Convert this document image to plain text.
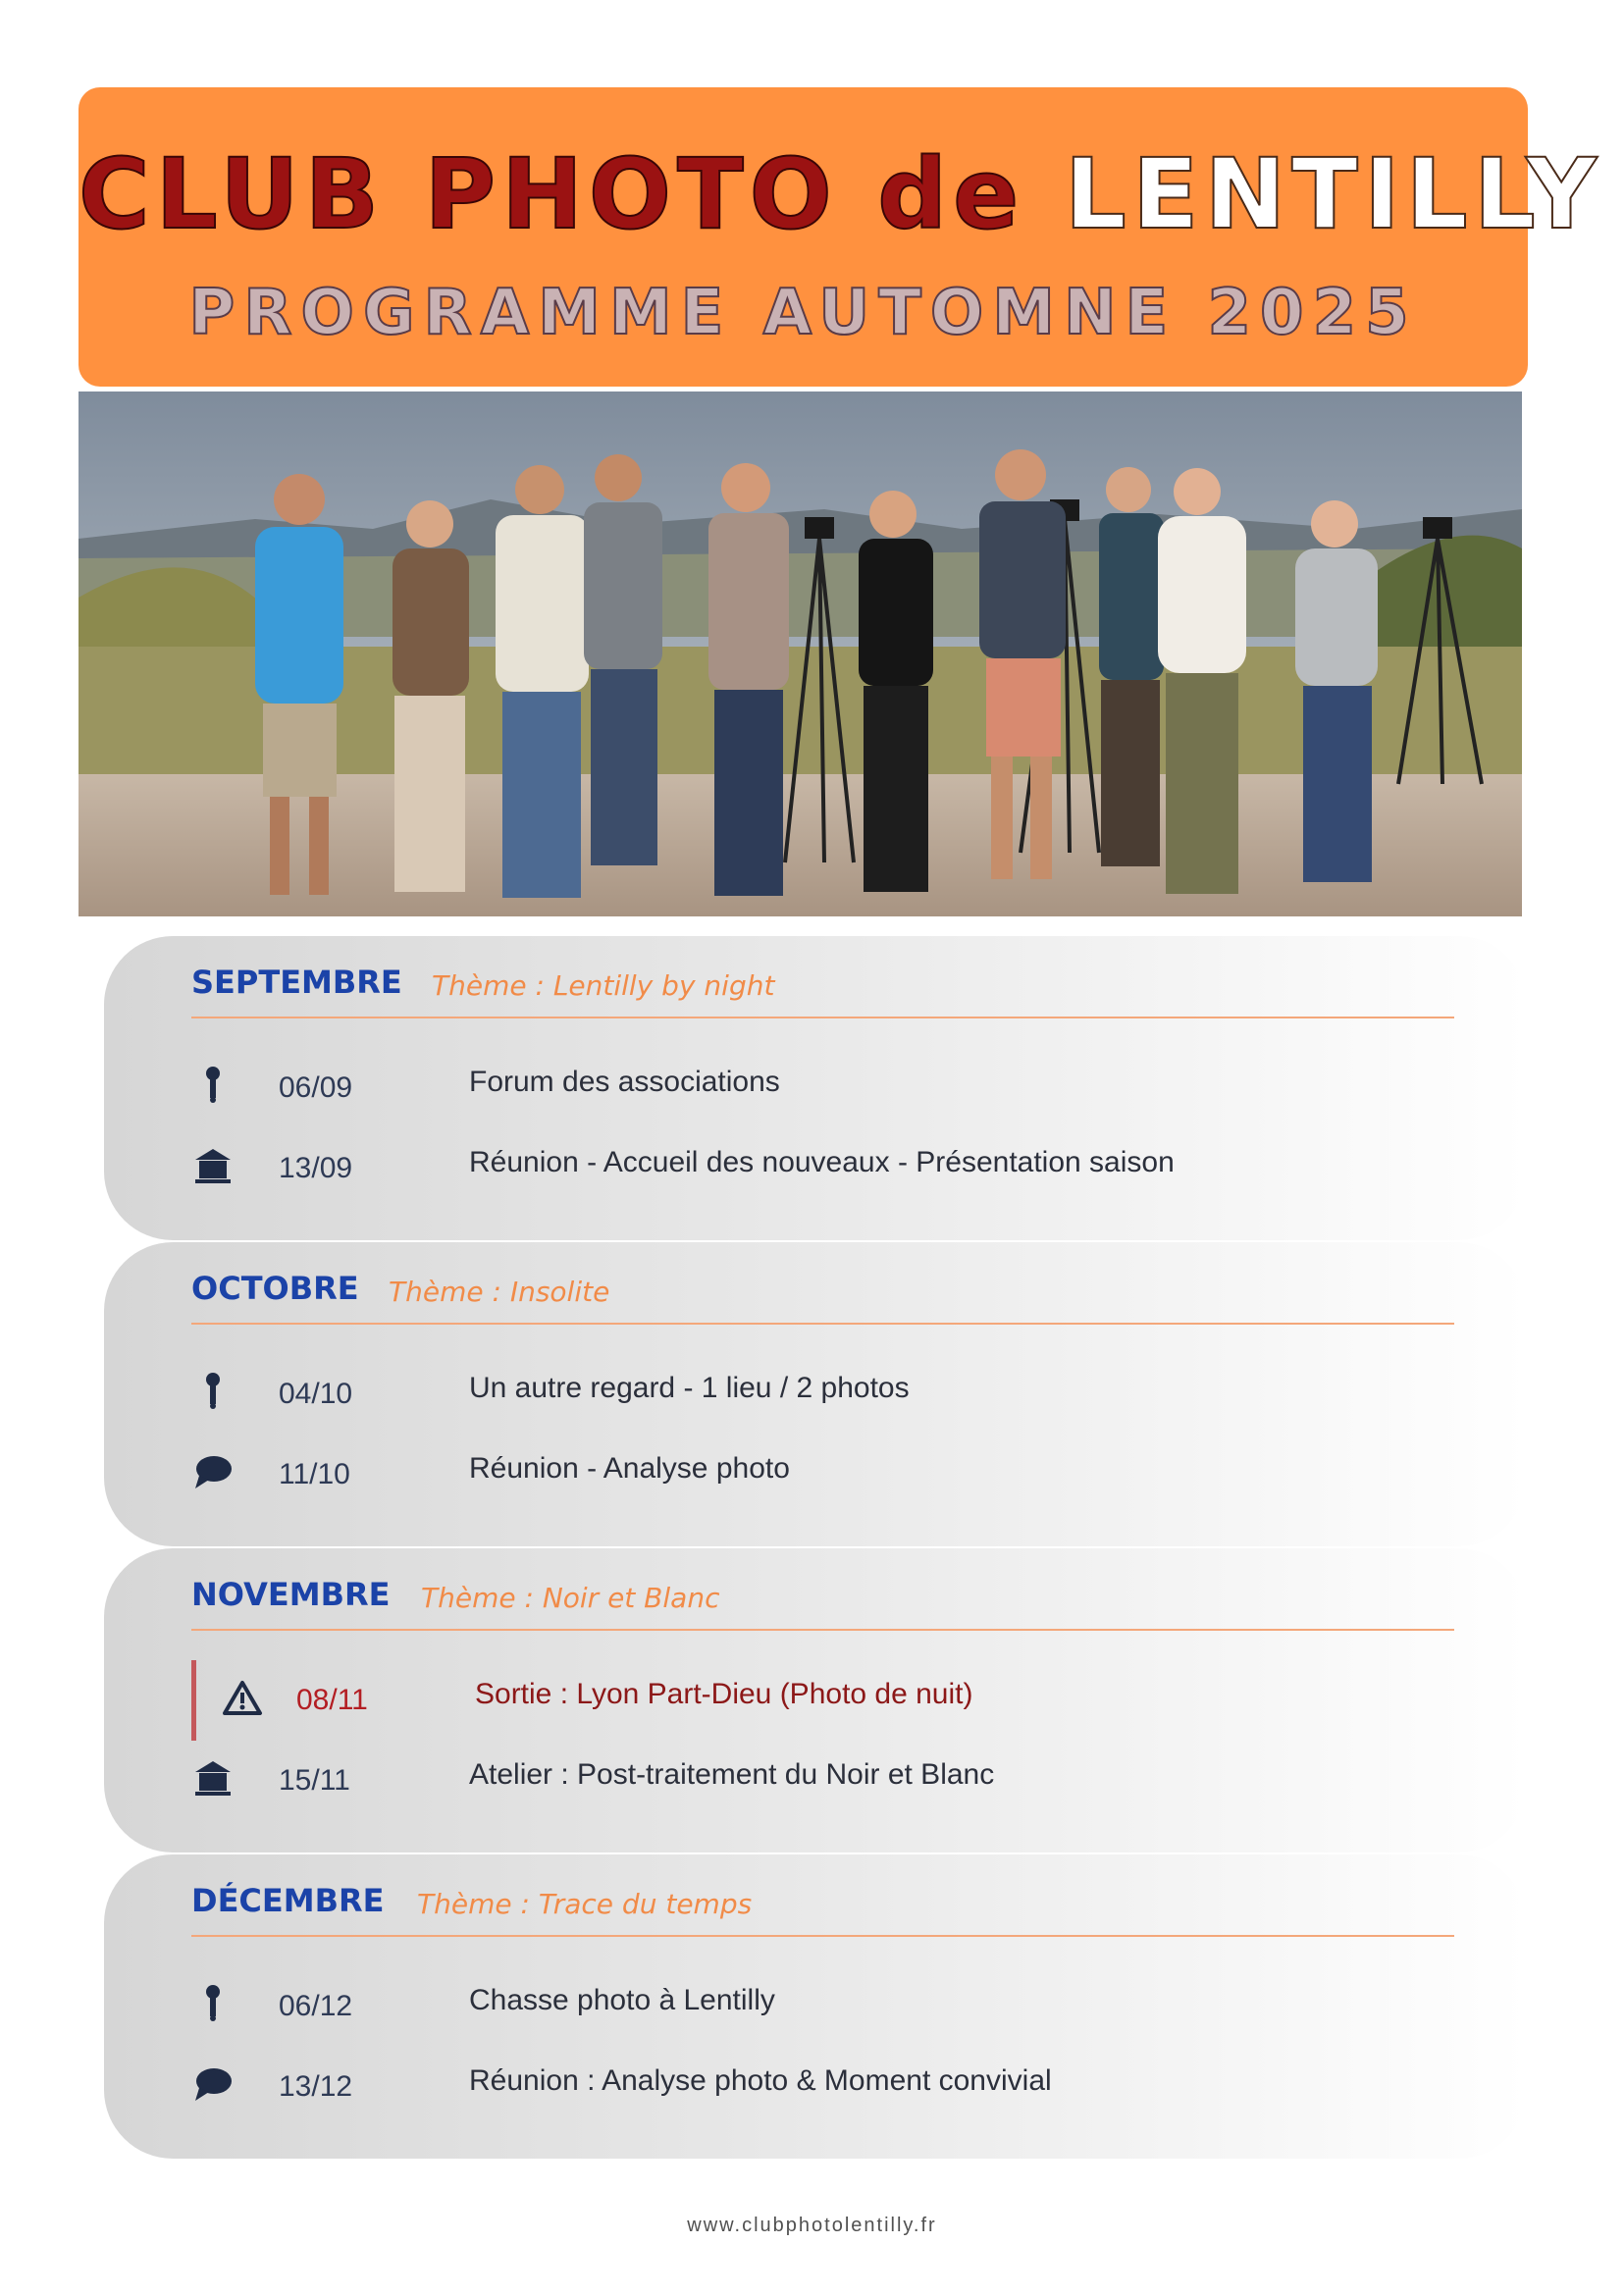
CLUB PHOTO de LENTILLY
PROGRAMME AUTOMNE 2025
SEPTEMBRE Thème : Lentilly by night
06/09	Forum des associations
13/09	Réunion - Accueil des nouveaux - Présentation saison
OCTOBRE Thème : Insolite
04/10	Un autre regard - 1 lieu / 2 photos
11/10	Réunion - Analyse photo
NOVEMBRE Thème : Noir et Blanc
08/11	Sortie : Lyon Part-Dieu (Photo de nuit)
15/11	Atelier : Post-traitement du Noir et Blanc
DÉCEMBRE Thème : Trace du temps
06/12	Chasse photo à Lentilly
13/12	Réunion : Analyse photo & Moment convivial
www.clubphotolentilly.fr
